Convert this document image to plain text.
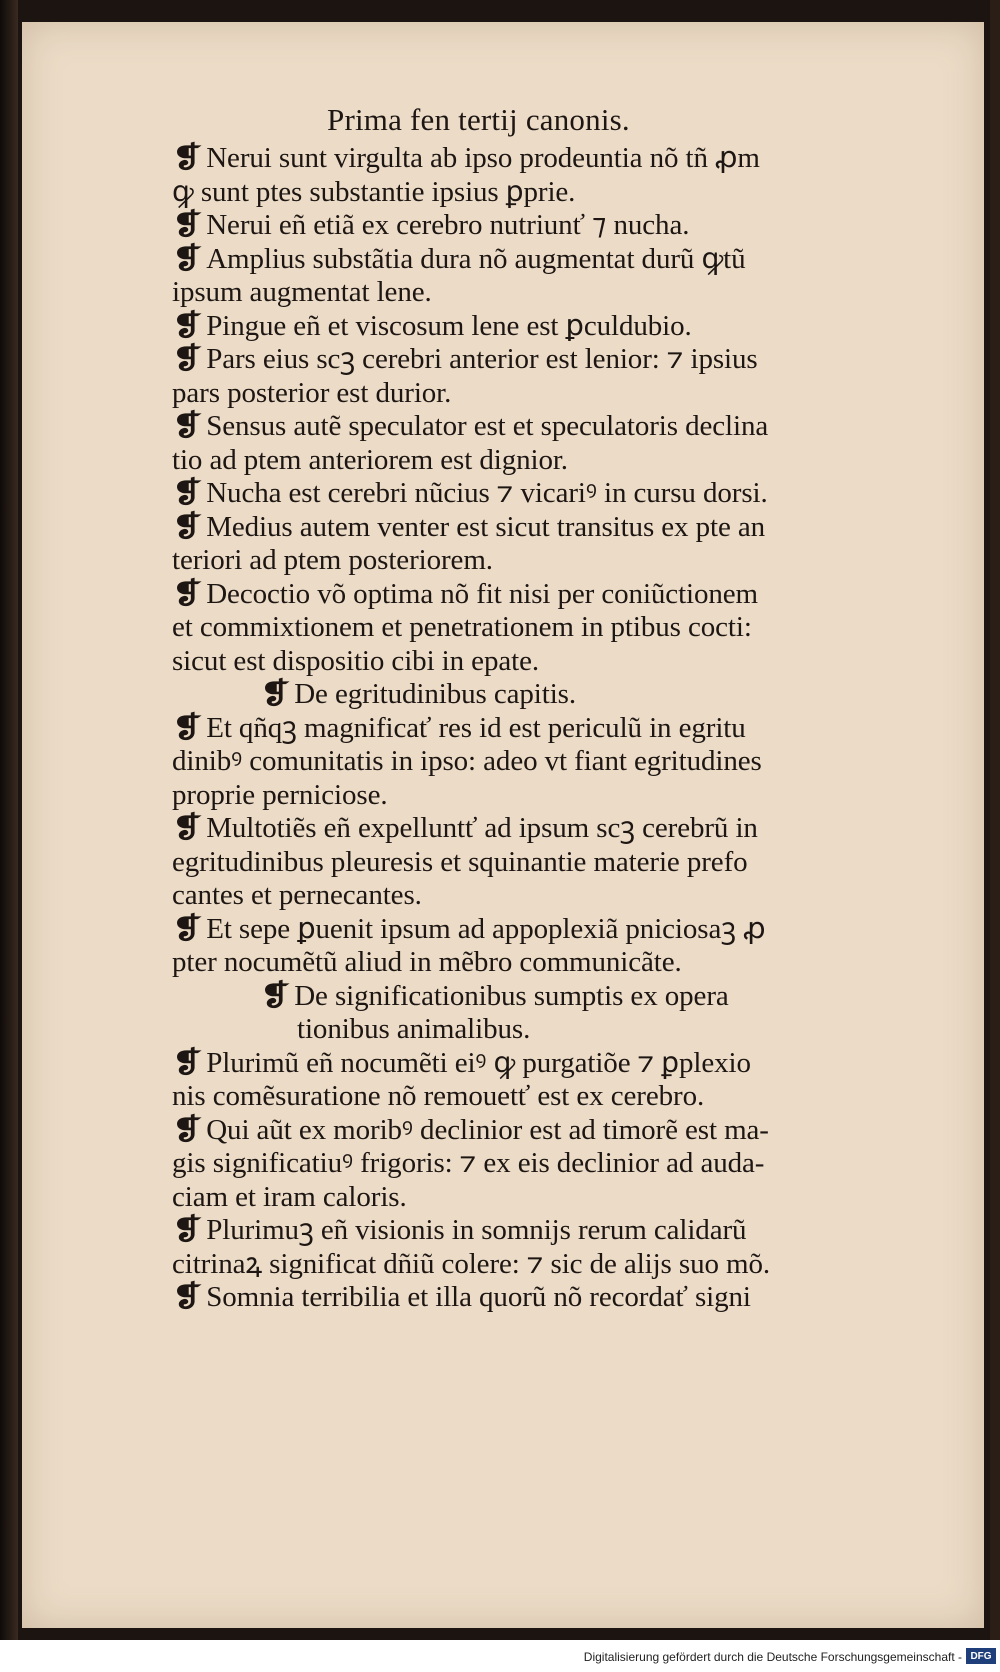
Prima fen tertij canonis.
❡ Nerui sunt virgulta ab ipso prodeuntia nõ tñ ꝓm
ꝙ sunt ptes substantie ipsius ꝑprie.
❡ Nerui eñ etiã ex cerebro nutriunť ⁊ nucha.
❡ Amplius substãtia dura nõ augmentat durũ ꝙtũ
ipsum augmentat lene.
❡ Pingue eñ et viscosum lene est ꝑculdubio.
❡ Pars eius scꝫ cerebri anterior est lenior: ⁊ ipsius
pars posterior est durior.
❡ Sensus autẽ speculator est et speculatoris declina
tio ad ptem anteriorem est dignior.
❡ Nucha est cerebri nũcius ⁊ vicariꝰ in cursu dorsi.
❡ Medius autem venter est sicut transitus ex pte an
teriori ad ptem posteriorem.
❡ Decoctio võ optima nõ fit nisi per coniũctionem
et commixtionem et penetrationem in ptibus cocti:
sicut est dispositio cibi in epate.
❡ De egritudinibus capitis.
❡ Et qñqꝫ magnificať res id est periculũ in egritu
dinibꝰ comunitatis in ipso: adeo vt fiant egritudines
proprie perniciose.
❡ Multotiẽs eñ expelluntť ad ipsum scꝫ cerebrũ in
egritudinibus pleuresis et squinantie materie prefo
cantes et pernecantes.
❡ Et sepe ꝑuenit ipsum ad appoplexiã pniciosaꝫ ꝓ
pter nocumẽtũ aliud in mẽbro communicãte.
❡ De significationibus sumptis ex opera
tionibus animalibus.
❡ Plurimũ eñ nocumẽti eiꝰ ꝙ purgatiõe ⁊ ꝑplexio
nis comẽsuratione nõ remouetť est ex cerebro.
❡ Qui aũt ex moribꝰ declinior est ad timorẽ est ma-
gis significatiuꝰ frigoris: ⁊ ex eis declinior ad auda-
ciam et iram caloris.
❡ Plurimuꝫ eñ visionis in somnijs rerum calidarũ
citrinaꝝ significat dñiũ colere: ⁊ sic de alijs suo mõ.
❡ Somnia terribilia et illa quorũ nõ recordať signi
Digitalisierung gefördert durch die Deutsche Forschungsgemeinschaft - DFG
